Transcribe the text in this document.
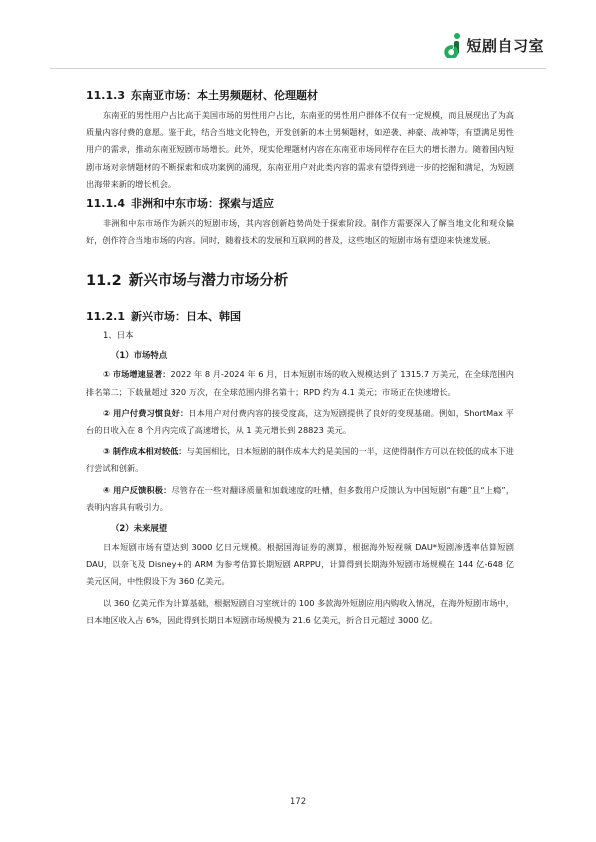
短剧自习室
11.1.3 东南亚市场：本土男频题材、伦理题材

东南亚的男性用户占比高于美国市场的男性用户占比，东南亚的男性用户群体不仅有一定规模，而且展现出了为高质量内容付费的意愿。鉴于此，结合当地文化特色，开发创新的本土男频题材，如逆袭、神豪、战神等，有望满足男性用户的需求，推动东南亚短剧市场增长。此外，现实伦理题材内容在东南亚市场同样存在巨大的增长潜力。随着国内短剧市场对亲情题材的不断探索和成功案例的涌现，东南亚用户对此类内容的需求有望得到进一步的挖掘和满足，为短剧出海带来新的增长机会。

11.1.4 非洲和中东市场：探索与适应

非洲和中东市场作为新兴的短剧市场，其内容创新趋势尚处于探索阶段。制作方需要深入了解当地文化和观众偏好，创作符合当地市场的内容。同时，随着技术的发展和互联网的普及，这些地区的短剧市场有望迎来快速发展。

11.2 新兴市场与潜力市场分析
11.2.1 新兴市场：日本、韩国

1、日本

（1）市场特点

① 市场增速显著：2022 年 8 月-2024 年 6 月，日本短剧市场的收入规模达到了 1315.7 万美元，在全球范围内排名第二；下载量超过 320 万次，在全球范围内排名第十；RPD 约为 4.1 美元；市场正在快速增长。

② 用户付费习惯良好：日本用户对付费内容的接受度高，这为短剧提供了良好的变现基础。例如，ShortMax 平台的日收入在 8 个月内完成了高速增长，从 1 美元增长到 28823 美元。

③ 制作成本相对较低：与美国相比，日本短剧的制作成本大约是美国的一半，这使得制作方可以在较低的成本下进行尝试和创新。

④ 用户反馈积极：尽管存在一些对翻译质量和加载速度的吐槽，但多数用户反馈认为中国短剧“有趣”且“上瘾”，表明内容具有吸引力。

（2）未来展望

日本短剧市场有望达到 3000 亿日元规模。根据国海证券的测算，根据海外短视频 DAU*短剧渗透率估算短剧 DAU，以奈飞及 Disney+的 ARM 为参考估算长期短剧 ARPPU，计算得到长期海外短剧市场规模在 144 亿-648 亿美元区间，中性假设下为 360 亿美元。

以 360 亿美元作为计算基础，根据短剧自习室统计的 100 多款海外短剧应用内购收入情况，在海外短剧市场中，日本地区收入占 6%，因此得到长期日本短剧市场规模为 21.6 亿美元，折合日元超过 3000 亿。

172
